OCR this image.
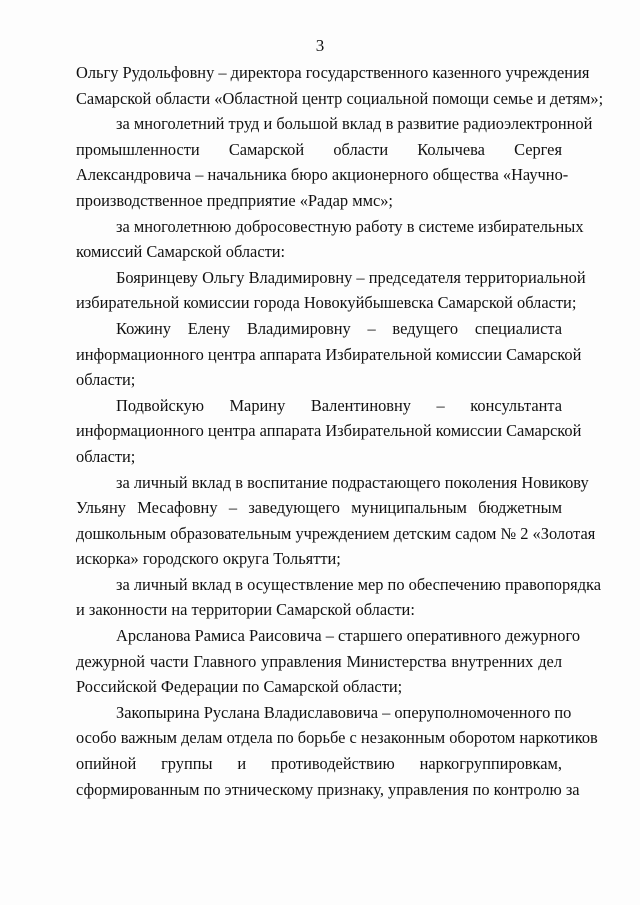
3

Ольгу Рудольфовну – директора государственного казенного учреждения
Самарской области «Областной центр социальной помощи семье и детям»;

за многолетний труд и большой вклад в развитие радиоэлектронной
промышленности Самарской области Колычева Сергея
Александровича – начальника бюро акционерного общества «Научно-
производственное предприятие «Радар ммс»;

за многолетнюю добросовестную работу в системе избирательных
комиссий Самарской области:

Бояринцеву Ольгу Владимировну – председателя территориальной
избирательной комиссии города Новокуйбышевска Самарской области;

Кожину Елену Владимировну – ведущего специалиста
информационного центра аппарата Избирательной комиссии Самарской
области;

Подвойскую Марину Валентиновну – консультанта
информационного центра аппарата Избирательной комиссии Самарской
области;

за личный вклад в воспитание подрастающего поколения Новикову
Ульяну Месафовну – заведующего муниципальным бюджетным
дошкольным образовательным учреждением детским садом № 2 «Золотая
искорка» городского округа Тольятти;

за личный вклад в осуществление мер по обеспечению правопорядка
и законности на территории Самарской области:

Арсланова Рамиса Раисовича – старшего оперативного дежурного
дежурной части Главного управления Министерства внутренних дел
Российской Федерации по Самарской области;

Закопырина Руслана Владиславовича – оперуполномоченного по
особо важным делам отдела по борьбе с незаконным оборотом наркотиков
опийной группы и противодействию наркогруппировкам,
сформированным по этническому признаку, управления по контролю за
